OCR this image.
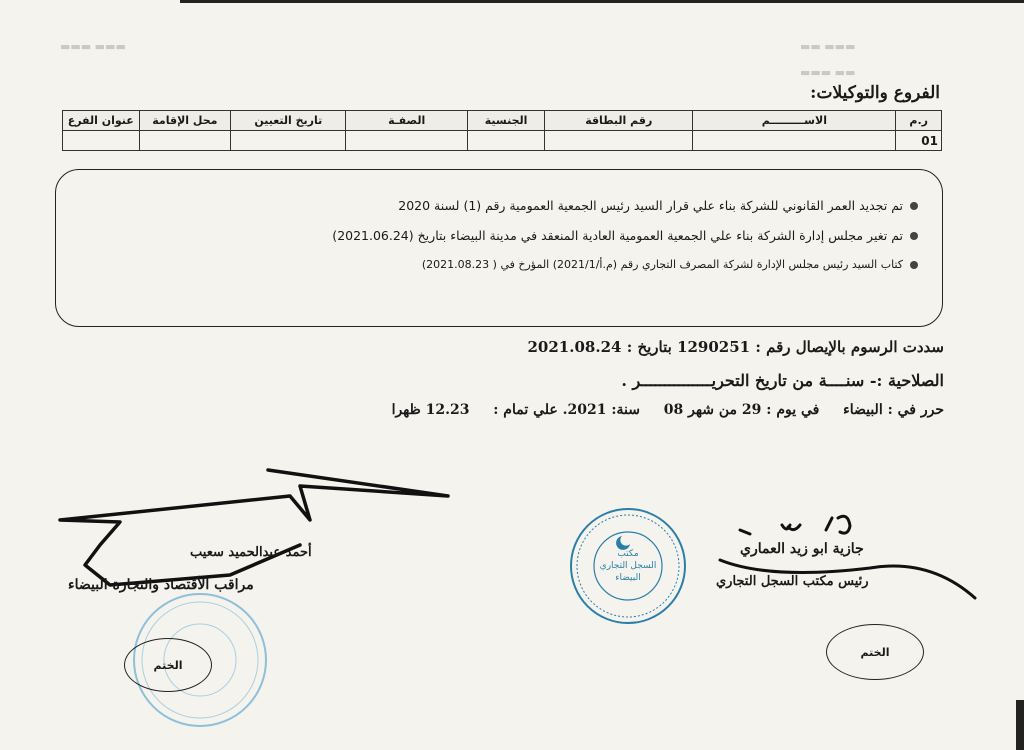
▬▬▬ ▬▬
▬▬▬ ▬▬▬
▬▬ ▬▬▬
الفروع والتوكيلات:
ر.م	الاســـــــــم	رقم البطاقة	الجنسية	الصفـة	تاريخ التعيين	محل الإقامة	عنوان الفرع
01							
تم تجديد العمر القانوني للشركة بناء علي قرار السيد رئيس الجمعية العمومية رقم (1) لسنة 2020
تم تغير مجلس إدارة الشركة بناء علي الجمعية العمومية العادية المنعقد في مدينة البيضاء بتاريخ (2021.06.24)
كتاب السيد رئيس مجلس الإدارة لشركة المصرف التجاري رقم (م.أ/2021/1) المؤرخ في ( 2021.08.23)
سددت الرسوم بالإيصال رقم : 1290251 بتاريخ : 2021.08.24
الصلاحية :- سنــــة من تاريخ التحريـــــــــــــــر .
حرر في : البيضاء  في يوم : 29 من شهر 08  سنة: 2021. علي تمام :  12.23 ظهرا
أحمد عبدالحميد سعيب
مراقب الأقتصاد والتجارة البيضاء
جازية ابو زيد العماري
رئيس مكتب السجل التجاري
مكتب
السجل التجاري
البيضاء
الختم
الختم
